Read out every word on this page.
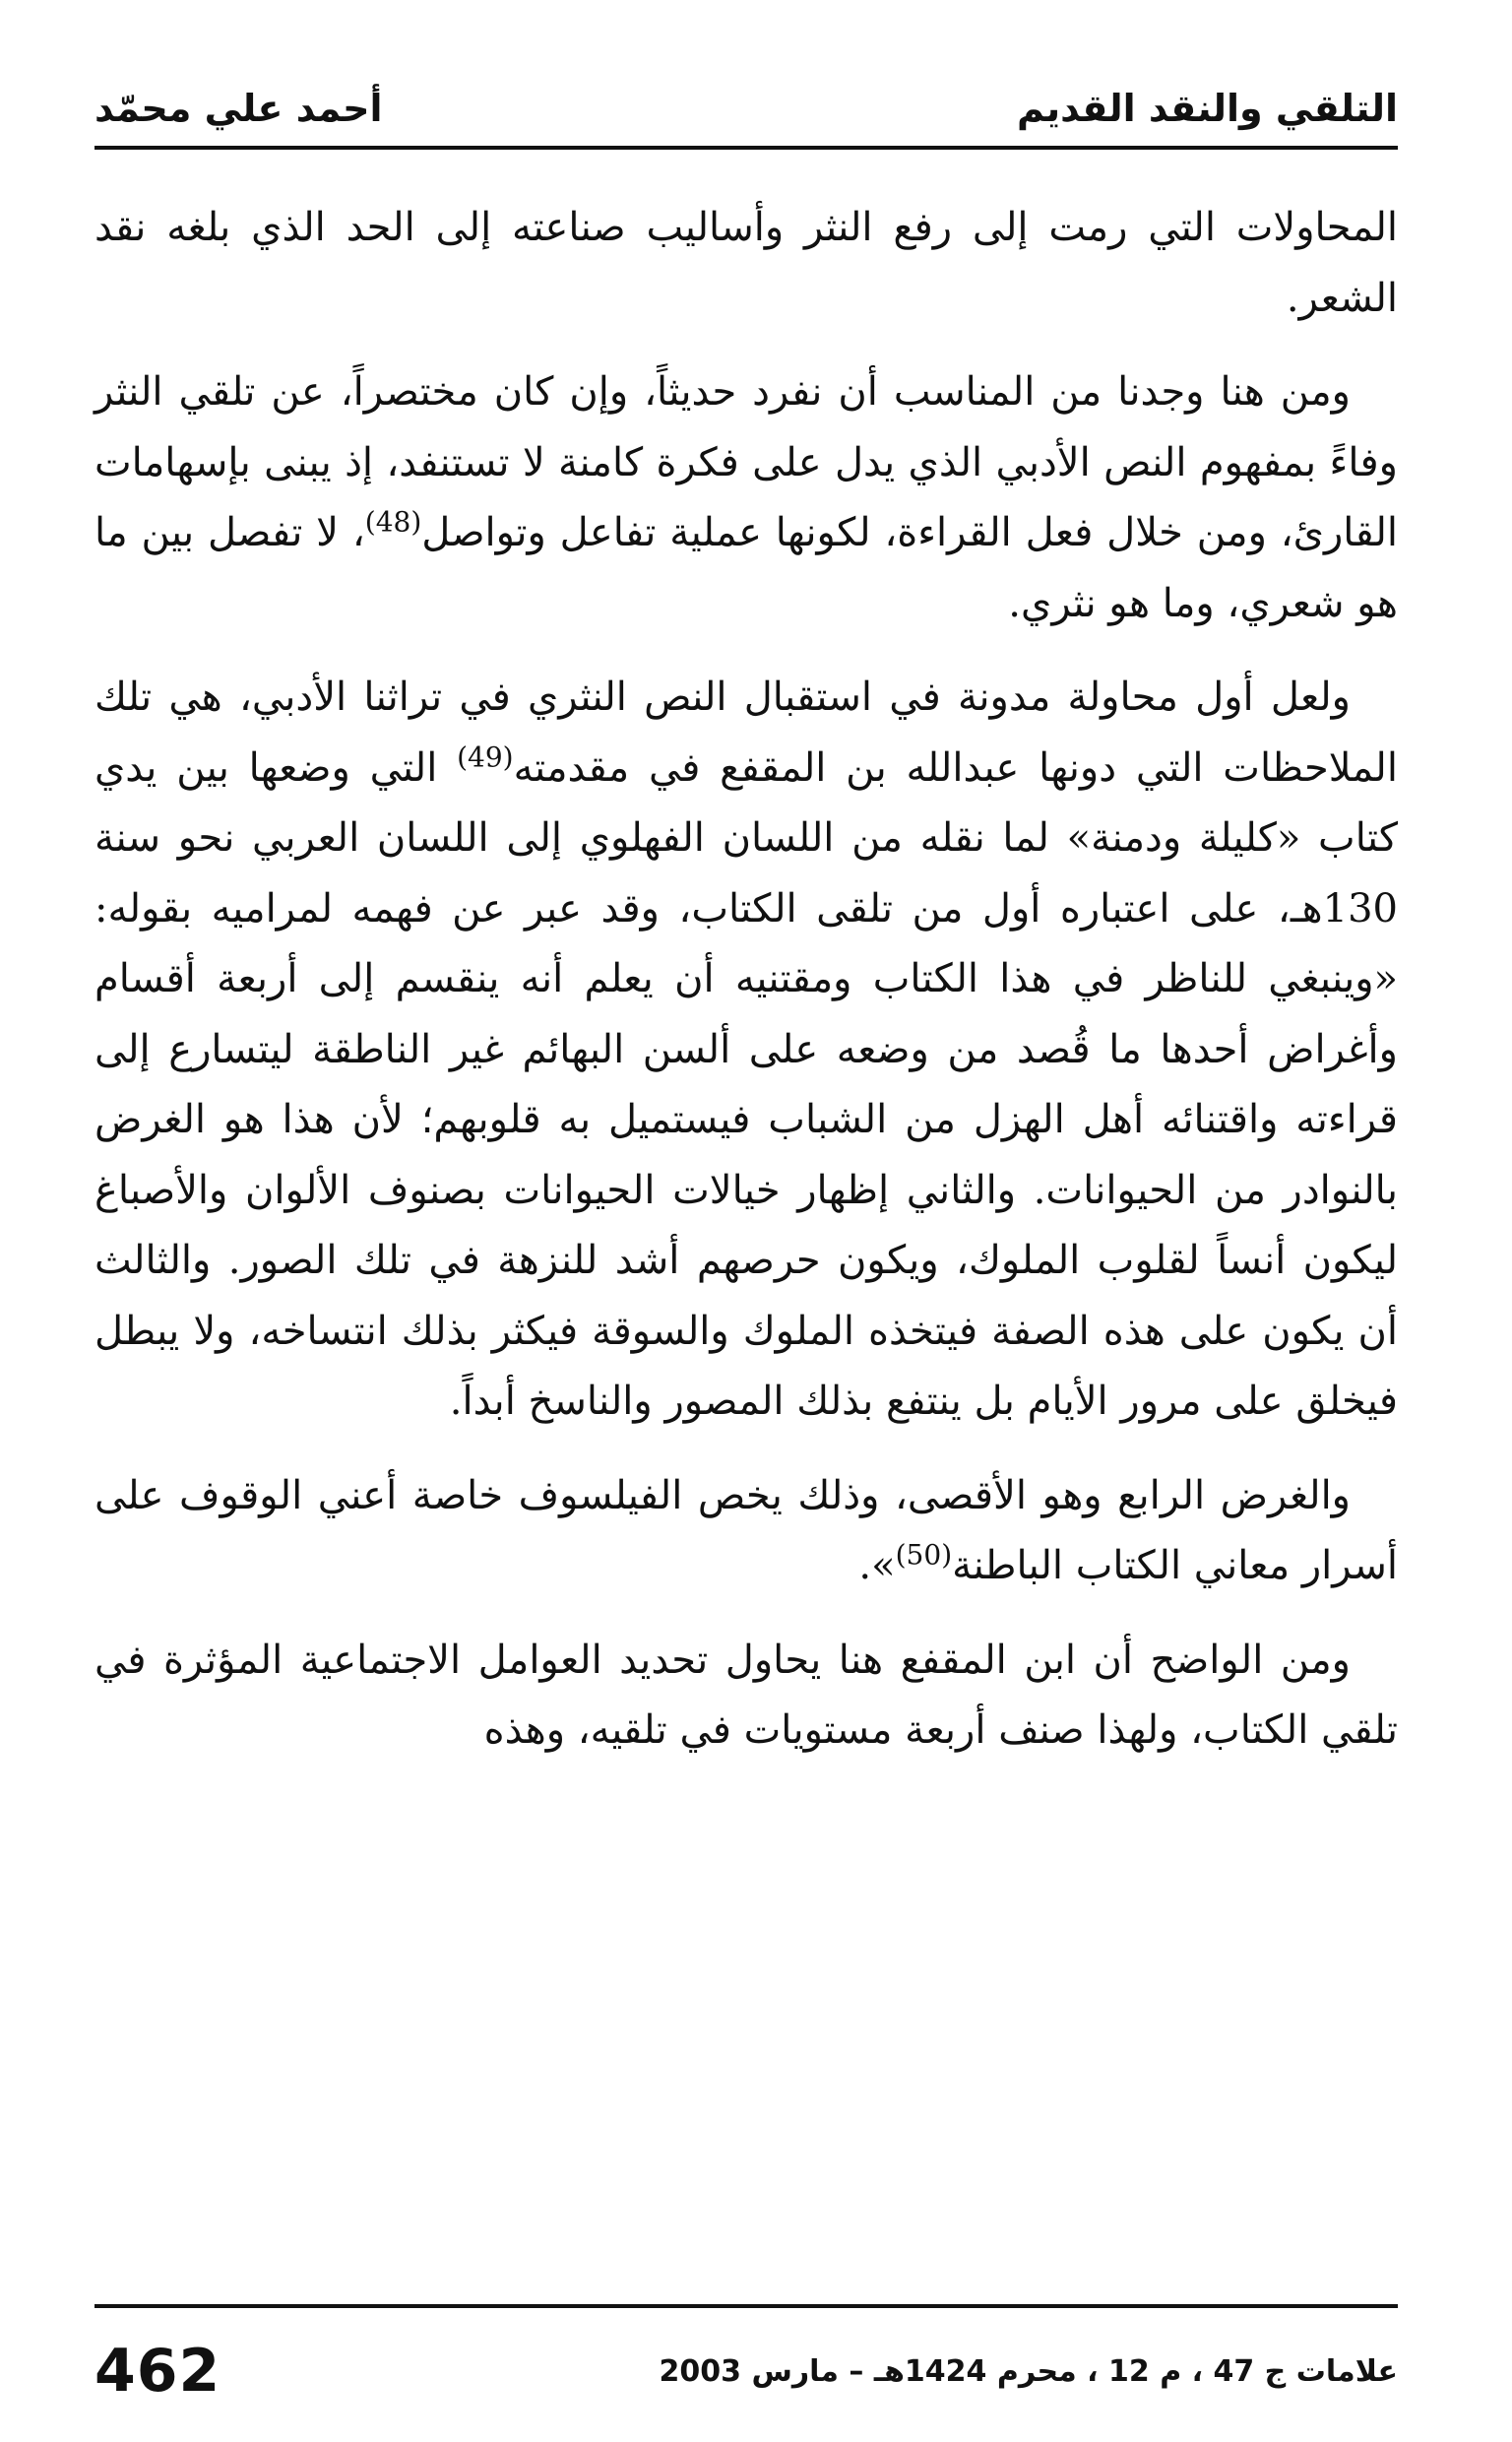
التلقي والنقد القديم
أحمد علي محمّد

المحاولات التي رمت إلى رفع النثر وأساليب صناعته إلى الحد الذي بلغه نقد الشعر.

ومن هنا وجدنا من المناسب أن نفرد حديثاً، وإن كان مختصراً، عن تلقي النثر وفاءً بمفهوم النص الأدبي الذي يدل على فكرة كامنة لا تستنفد، إذ يبنى بإسهامات القارئ، ومن خلال فعل القراءة، لكونها عملية تفاعل وتواصل$^{(48)}$، لا تفصل بين ما هو شعري، وما هو نثري.

ولعل أول محاولة مدونة في استقبال النص النثري في تراثنا الأدبي، هي تلك الملاحظات التي دونها عبدالله بن المقفع في مقدمته$^{(49)}$ التي وضعها بين يدي كتاب «كليلة ودمنة» لما نقله من اللسان الفهلوي إلى اللسان العربي نحو سنة 130هـ، على اعتباره أول من تلقى الكتاب، وقد عبر عن فهمه لمراميه بقوله: «وينبغي للناظر في هذا الكتاب ومقتنيه أن يعلم أنه ينقسم إلى أربعة أقسام وأغراض أحدها ما قُصد من وضعه على ألسن البهائم غير الناطقة ليتسارع إلى قراءته واقتنائه أهل الهزل من الشباب فيستميل به قلوبهم؛ لأن هذا هو الغرض بالنوادر من الحيوانات. والثاني إظهار خيالات الحيوانات بصنوف الألوان والأصباغ ليكون أنساً لقلوب الملوك، ويكون حرصهم أشد للنزهة في تلك الصور. والثالث أن يكون على هذه الصفة فيتخذه الملوك والسوقة فيكثر بذلك انتساخه، ولا يبطل فيخلق على مرور الأيام بل ينتفع بذلك المصور والناسخ أبداً.

والغرض الرابع وهو الأقصى، وذلك يخص الفيلسوف خاصة أعني الوقوف على أسرار معاني الكتاب الباطنة$^{(50)}$».

ومن الواضح أن ابن المقفع هنا يحاول تحديد العوامل الاجتماعية المؤثرة في تلقي الكتاب، ولهذا صنف أربعة مستويات في تلقيه، وهذه

علامات ج 47 ، م 12 ، محرم 1424هـ – مارس 2003
462
